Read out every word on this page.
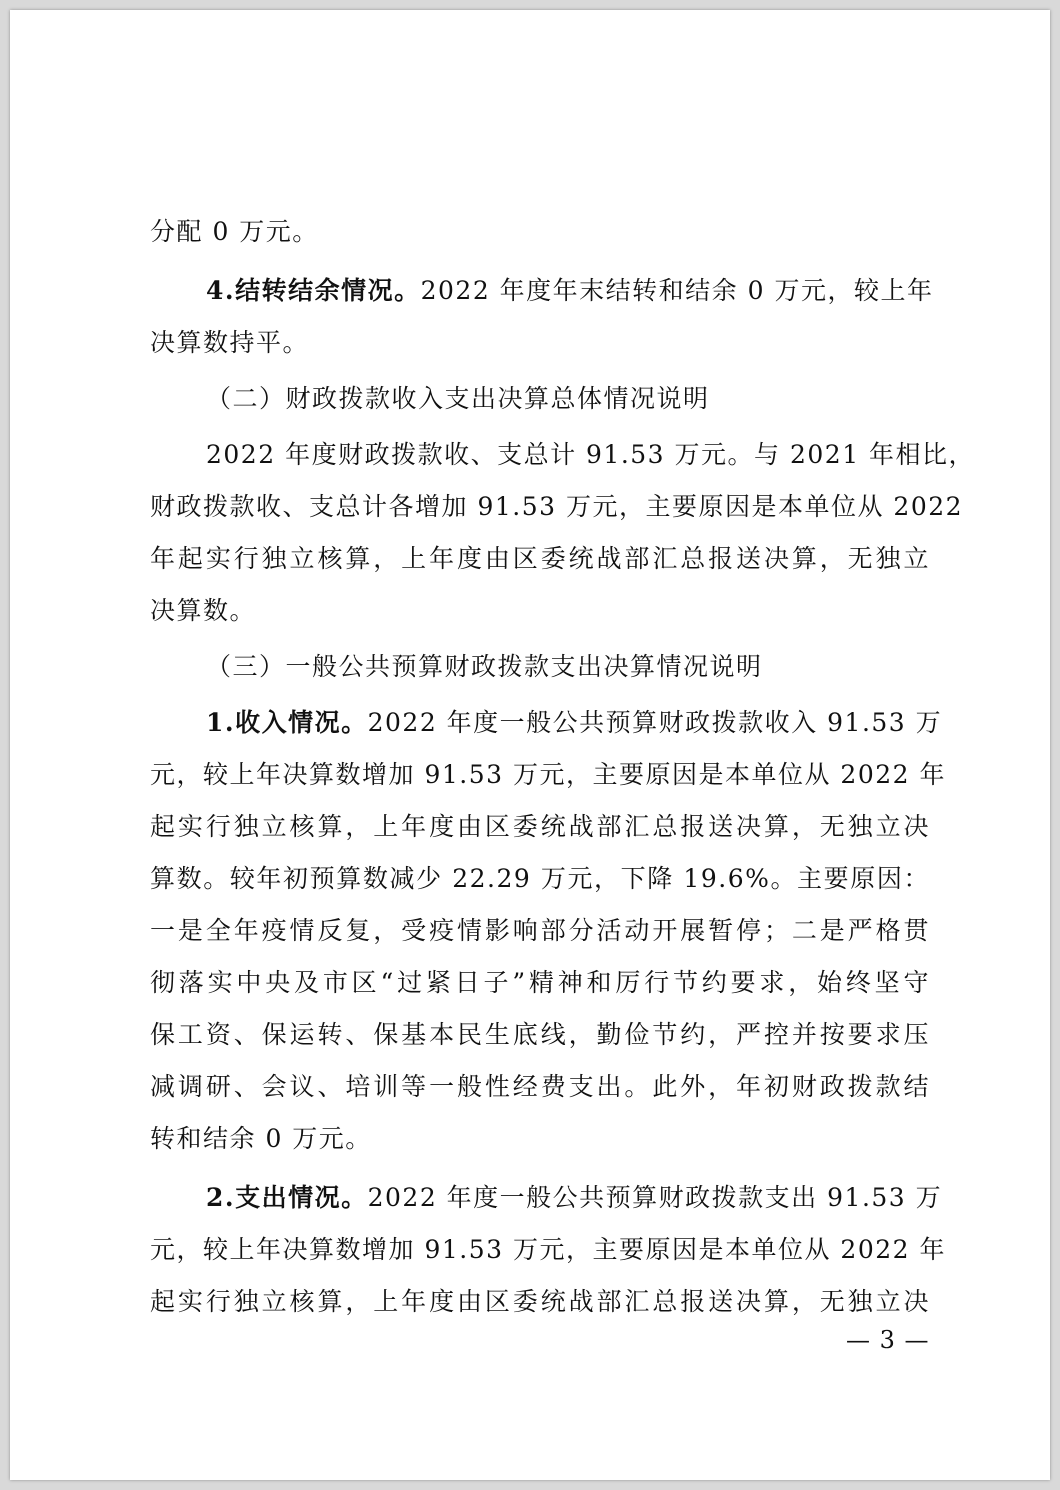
分配 0 万元。
4.结转结余情况。2022 年度年末结转和结余 0 万元，较上年
决算数持平。
（二）财政拨款收入支出决算总体情况说明
2022 年度财政拨款收、支总计 91.53 万元。与 2021 年相比，
财政拨款收、支总计各增加 91.53 万元，主要原因是本单位从 2022
年起实行独立核算，上年度由区委统战部汇总报送决算，无独立
决算数。
（三）一般公共预算财政拨款支出决算情况说明
1.收入情况。2022 年度一般公共预算财政拨款收入 91.53 万
元，较上年决算数增加 91.53 万元，主要原因是本单位从 2022 年
起实行独立核算，上年度由区委统战部汇总报送决算，无独立决
算数。较年初预算数减少 22.29 万元，下降 19.6%。主要原因：
一是全年疫情反复，受疫情影响部分活动开展暂停；二是严格贯
彻落实中央及市区“过紧日子”精神和厉行节约要求，始终坚守
保工资、保运转、保基本民生底线，勤俭节约，严控并按要求压
减调研、会议、培训等一般性经费支出。此外，年初财政拨款结
转和结余 0 万元。
2.支出情况。2022 年度一般公共预算财政拨款支出 91.53 万
元，较上年决算数增加 91.53 万元，主要原因是本单位从 2022 年
起实行独立核算，上年度由区委统战部汇总报送决算，无独立决
— 3 —
